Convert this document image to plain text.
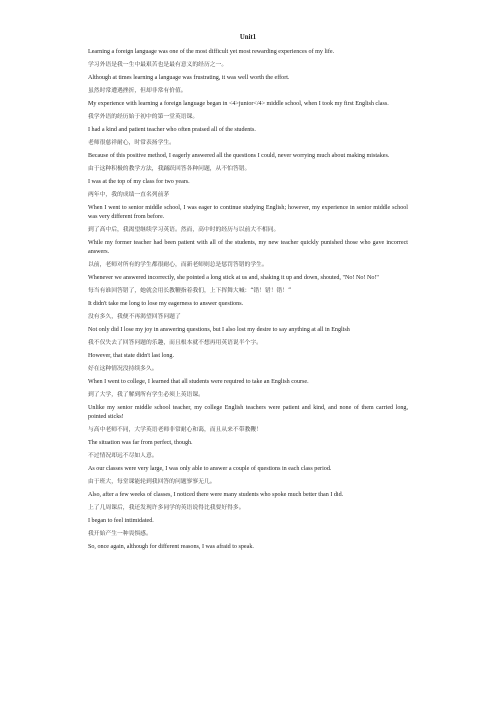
Unit1

Learning a foreign language was one of the most difficult yet most rewarding experiences of my life.

学习外语是我一生中最艰苦也是最有意义的经历之一。

Although at times learning a language was frustrating, it was well worth the effort.

虽然时常遭遇挫折，但却非常有价值。

My experience with learning a foreign language began in <4>junior</4> middle school, when I took my first English class.

我学外语的经历始于初中的第一堂英语课。

I had a kind and patient teacher who often praised all of the students.

老师很慈祥耐心，时常表扬学生。

Because of this positive method, I eagerly answered all the questions I could, never worrying much about making mistakes.

由于这种积极的教学方法，我踊跃回答各种问题，从不怕答错。

I was at the top of my class for two years.

两年中，我的成绩一直名列前茅

When I went to senior middle school, I was eager to continue studying English; however, my experience in senior middle school was very different from before.

到了高中后，我渴望继续学习英语。然而，高中时的经历与以前大不相同。

While my former teacher had been patient with all of the students, my new teacher quickly punished those who gave incorrect answers.

以前，老师对所有的学生都很耐心，而新老师则总是惩罚答错的学生。

Whenever we answered incorrectly, she pointed a long stick at us and, shaking it up and down, shouted, "No! No! No!"

每当有谁回答错了，她就会用长教鞭指着我们，上下挥舞大喊：“错！错！错！”

It didn't take me long to lose my eagerness to answer questions.

没有多久，我便不再渴望回答问题了

Not only did I lose my joy in answering questions, but I also lost my desire to say anything at all in English

我不仅失去了回答问题的乐趣，而且根本就不想再用英语说半个字。

However, that state didn't last long.

好在这种情况没持续多久。

When I went to college, I learned that all students were required to take an English course.

到了大学，我了解到所有学生必须上英语课。

Unlike my senior middle school teacher, my college English teachers were patient and kind, and none of them carried long, pointed sticks!

与高中老师不同，大学英语老师非常耐心和蔼，而且从来不带教鞭！

The situation was far from perfect, though.

不过情况却远不尽如人意。

As our classes were very large, I was only able to answer a couple of questions in each class period.

由于班大，每堂课能轮到我回答的问题寥寥无几。

Also, after a few weeks of classes, I noticed there were many students who spoke much better than I did.

上了几周课后，我还发现许多同学的英语说得比我要好得多。

I began to feel intimidated.

我开始产生一种畏惧感。

So, once again, although for different reasons, I was afraid to speak.
